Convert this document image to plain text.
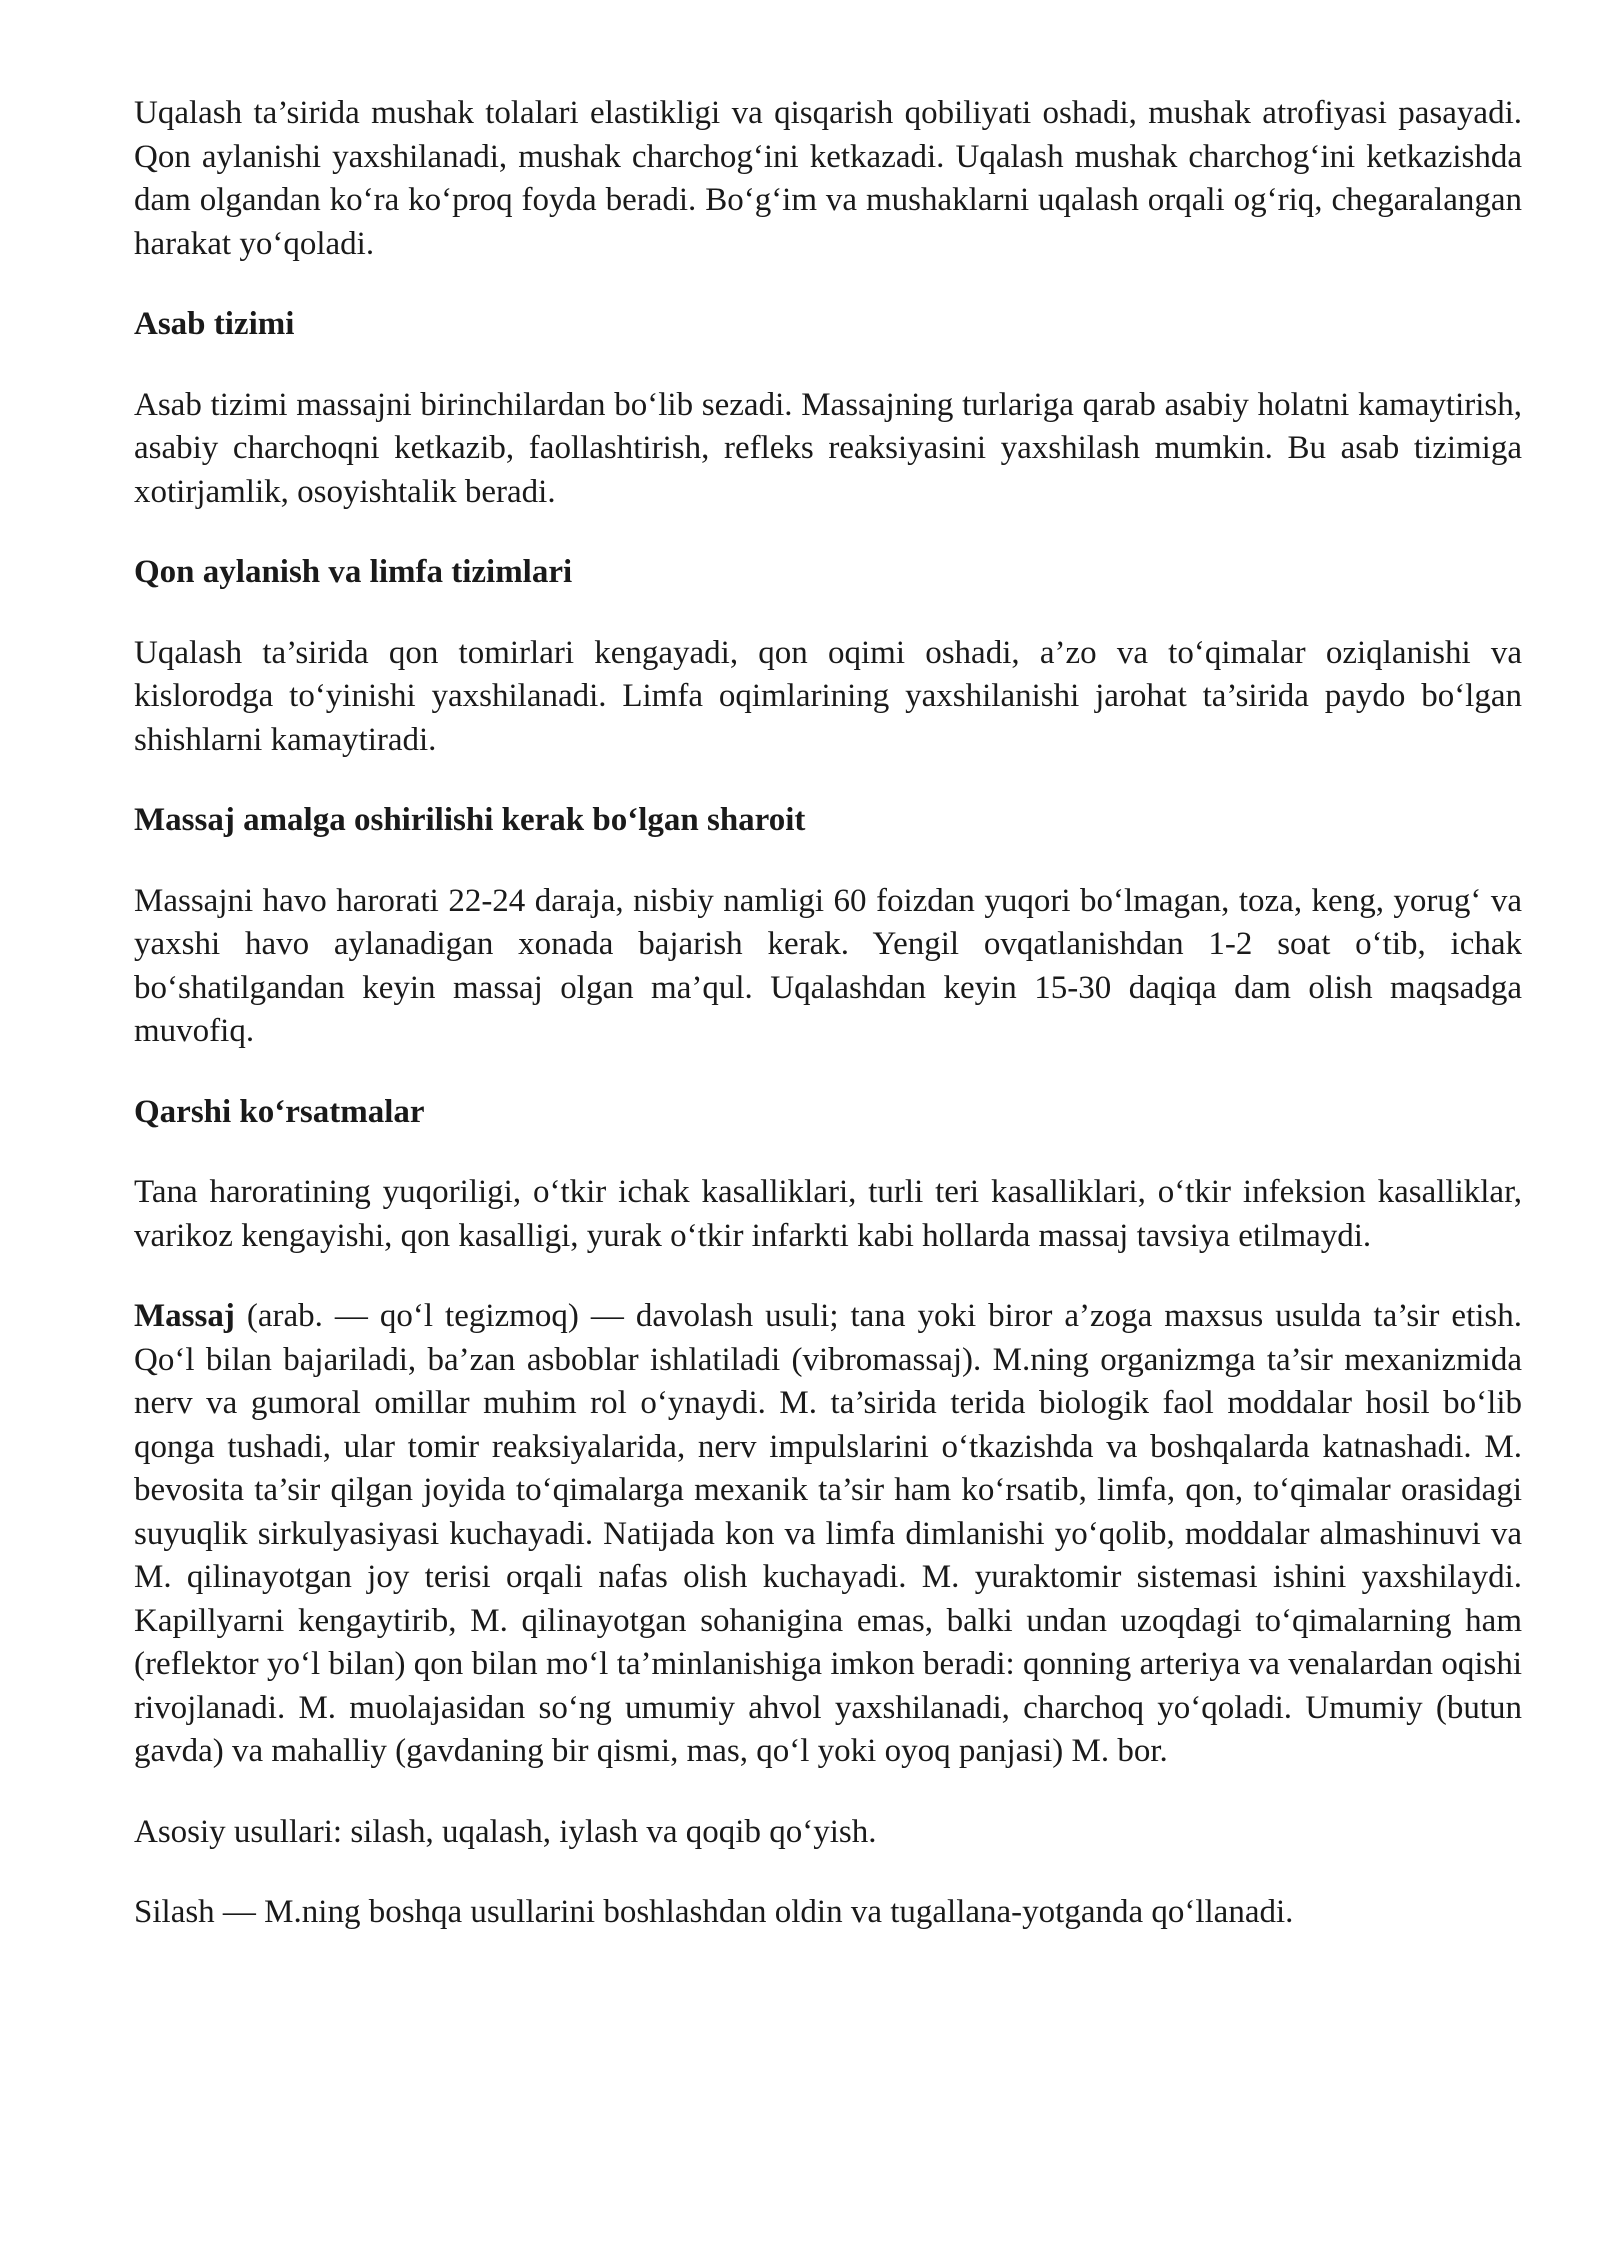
Uqalash ta’sirida mushak tolalari elastikligi va qisqarish qobiliyati oshadi, mushak atrofiyasi pasayadi. Qon aylanishi yaxshilanadi, mushak charchog‘ini ketkazadi. Uqalash mushak charchog‘ini ketkazishda dam olgandan ko‘ra ko‘proq foyda beradi. Bo‘g‘im va mushaklarni uqalash orqali og‘riq, chegaralangan harakat yo‘qoladi.

Asab tizimi

Asab tizimi massajni birinchilardan bo‘lib sezadi. Massajning turlariga qarab asabiy holatni kamaytirish, asabiy charchoqni ketkazib, faollashtirish, refleks reaksiyasini yaxshilash mumkin. Bu asab tizimiga xotirjamlik, osoyishtalik beradi.

Qon aylanish va limfa tizimlari

Uqalash ta’sirida qon tomirlari kengayadi, qon oqimi oshadi, a’zo va to‘qimalar oziqlanishi va kislorodga to‘yinishi yaxshilanadi. Limfa oqimlarining yaxshilanishi jarohat ta’sirida paydo bo‘lgan shishlarni kamaytiradi.

Massaj amalga oshirilishi kerak bo‘lgan sharoit

Massajni havo harorati 22-24 daraja, nisbiy namligi 60 foizdan yuqori bo‘lmagan, toza, keng, yorug‘ va yaxshi havo aylanadigan xonada bajarish kerak. Yengil ovqatlanishdan 1-2 soat o‘tib, ichak bo‘shatilgandan keyin massaj olgan ma’qul. Uqalashdan keyin 15-30 daqiqa dam olish maqsadga muvofiq.

Qarshi ko‘rsatmalar

Tana haroratining yuqoriligi, o‘tkir ichak kasalliklari, turli teri kasalliklari, o‘tkir infeksion kasalliklar, varikoz kengayishi, qon kasalligi, yurak o‘tkir infarkti kabi hollarda massaj tavsiya etilmaydi.

Massaj (arab. — qo‘l tegizmoq) — davolash usuli; tana yoki biror a’zoga maxsus usulda ta’sir etish. Qo‘l bilan bajariladi, ba’zan asboblar ishlatiladi (vibromassaj). M.ning organizmga ta’sir mexanizmida nerv va gumoral omillar muhim rol o‘ynaydi. M. ta’sirida terida biologik faol moddalar hosil bo‘lib qonga tushadi, ular tomir reaksiyalarida, nerv impulslarini o‘tkazishda va boshqalarda katnashadi. M. bevosita ta’sir qilgan joyida to‘qimalarga mexanik ta’sir ham ko‘rsatib, limfa, qon, to‘qimalar orasidagi suyuqlik sirkulyasiyasi kuchayadi. Natijada kon va limfa dimlanishi yo‘qolib, moddalar almashinuvi va M. qilinayotgan joy terisi orqali nafas olish kuchayadi. M. yuraktomir sistemasi ishini yaxshilaydi. Kapillyarni kengaytirib, M. qilinayotgan sohanigina emas, balki undan uzoqdagi to‘qimalarning ham (reflektor yo‘l bilan) qon bilan mo‘l ta’minlanishiga imkon beradi: qonning arteriya va venalardan oqishi rivojlanadi. M. muolajasidan so‘ng umumiy ahvol yaxshilanadi, charchoq yo‘qoladi. Umumiy (butun gavda) va mahalliy (gavdaning bir qismi, mas, qo‘l yoki oyoq panjasi) M. bor.

Asosiy usullari: silash, uqalash, iylash va qoqib qo‘yish.

Silash — M.ning boshqa usullarini boshlashdan oldin va tugallana-yotganda qo‘llanadi.
